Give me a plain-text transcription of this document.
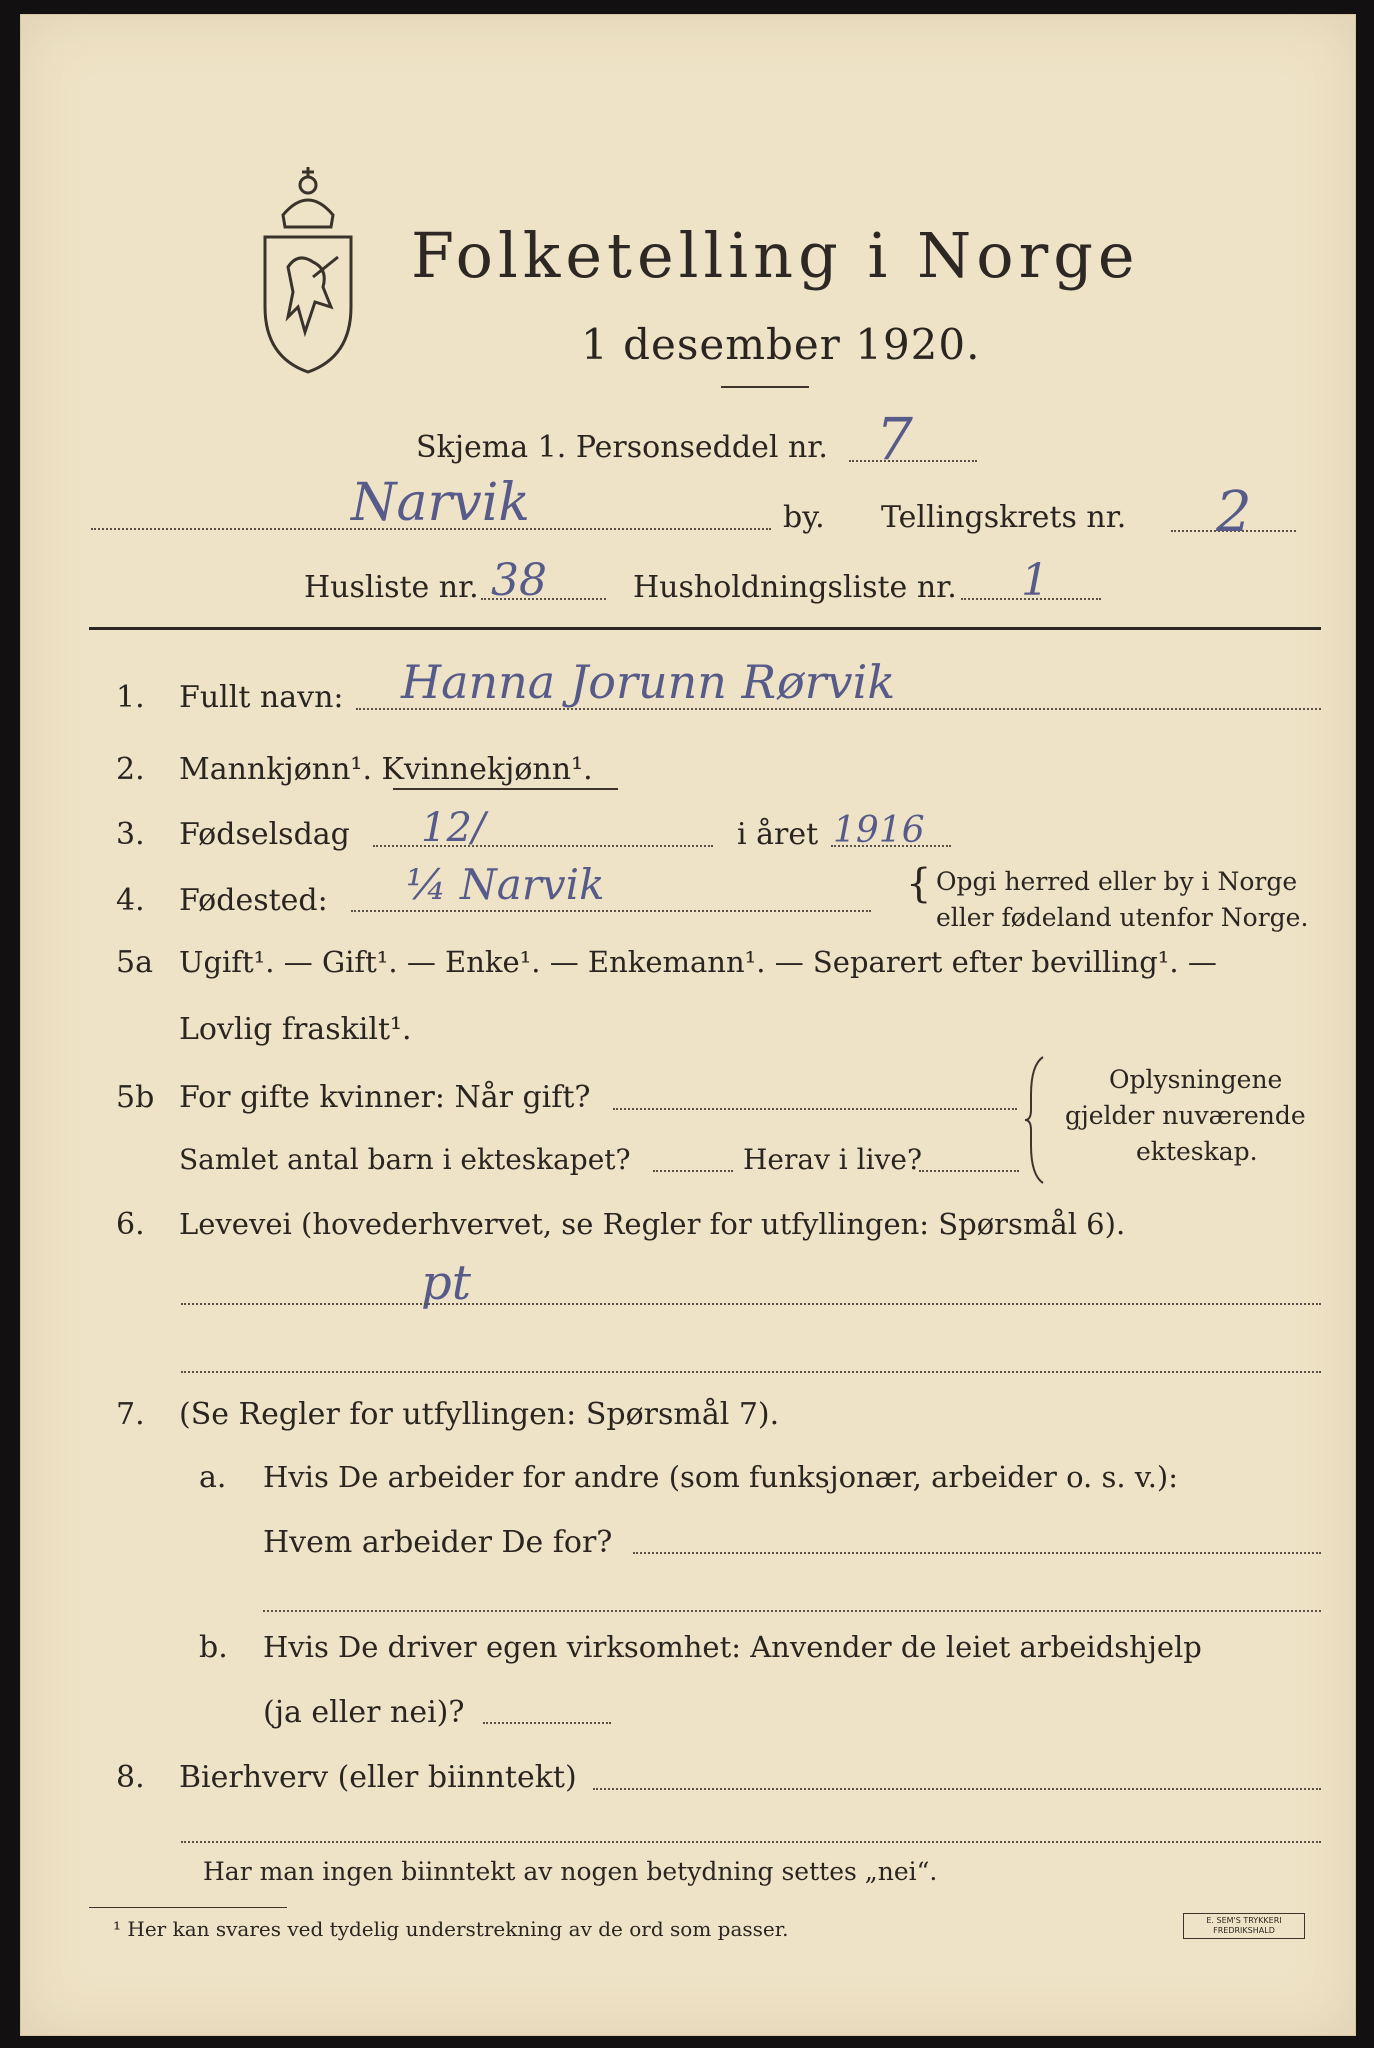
Folketelling i Norge
1 desember 1920.
Skjema 1. Personseddel nr. 7
Narvik	by. Tellingskrets nr. 2
Husliste nr. 38	Husholdningsliste nr. 1
1. Fullt navn: Hanna Jorunn Rørvik
2. Mannkjønn¹. Kvinnekjønn¹.
3. Fødselsdag 12/	i året 1916
4. Fødested: ¼ Narvik	{ Opgi herred eller by i Norge
eller fødeland utenfor Norge.
5a Ugift¹. — Gift¹. — Enke¹. — Enkemann¹. — Separert efter bevilling¹. —
Lovlig fraskilt¹.
5b For gifte kvinner: Når gift?
Samlet antal barn i ekteskapet?	Herav i live?
Oplysningene
gjelder nuværende
ekteskap.
6. Levevei (hovederhvervet, se Regler for utfyllingen: Spørsmål 6).
pt
7. (Se Regler for utfyllingen: Spørsmål 7).
a. Hvis De arbeider for andre (som funksjonær, arbeider o. s. v.):
Hvem arbeider De for?
b. Hvis De driver egen virksomhet: Anvender de leiet arbeidshjelp
(ja eller nei)?
8. Bierhverv (eller biinntekt)
Har man ingen biinntekt av nogen betydning settes „nei“.
¹ Her kan svares ved tydelig understrekning av de ord som passer.	E. SEM'S TRYKKERI
FREDRIKSHALD
